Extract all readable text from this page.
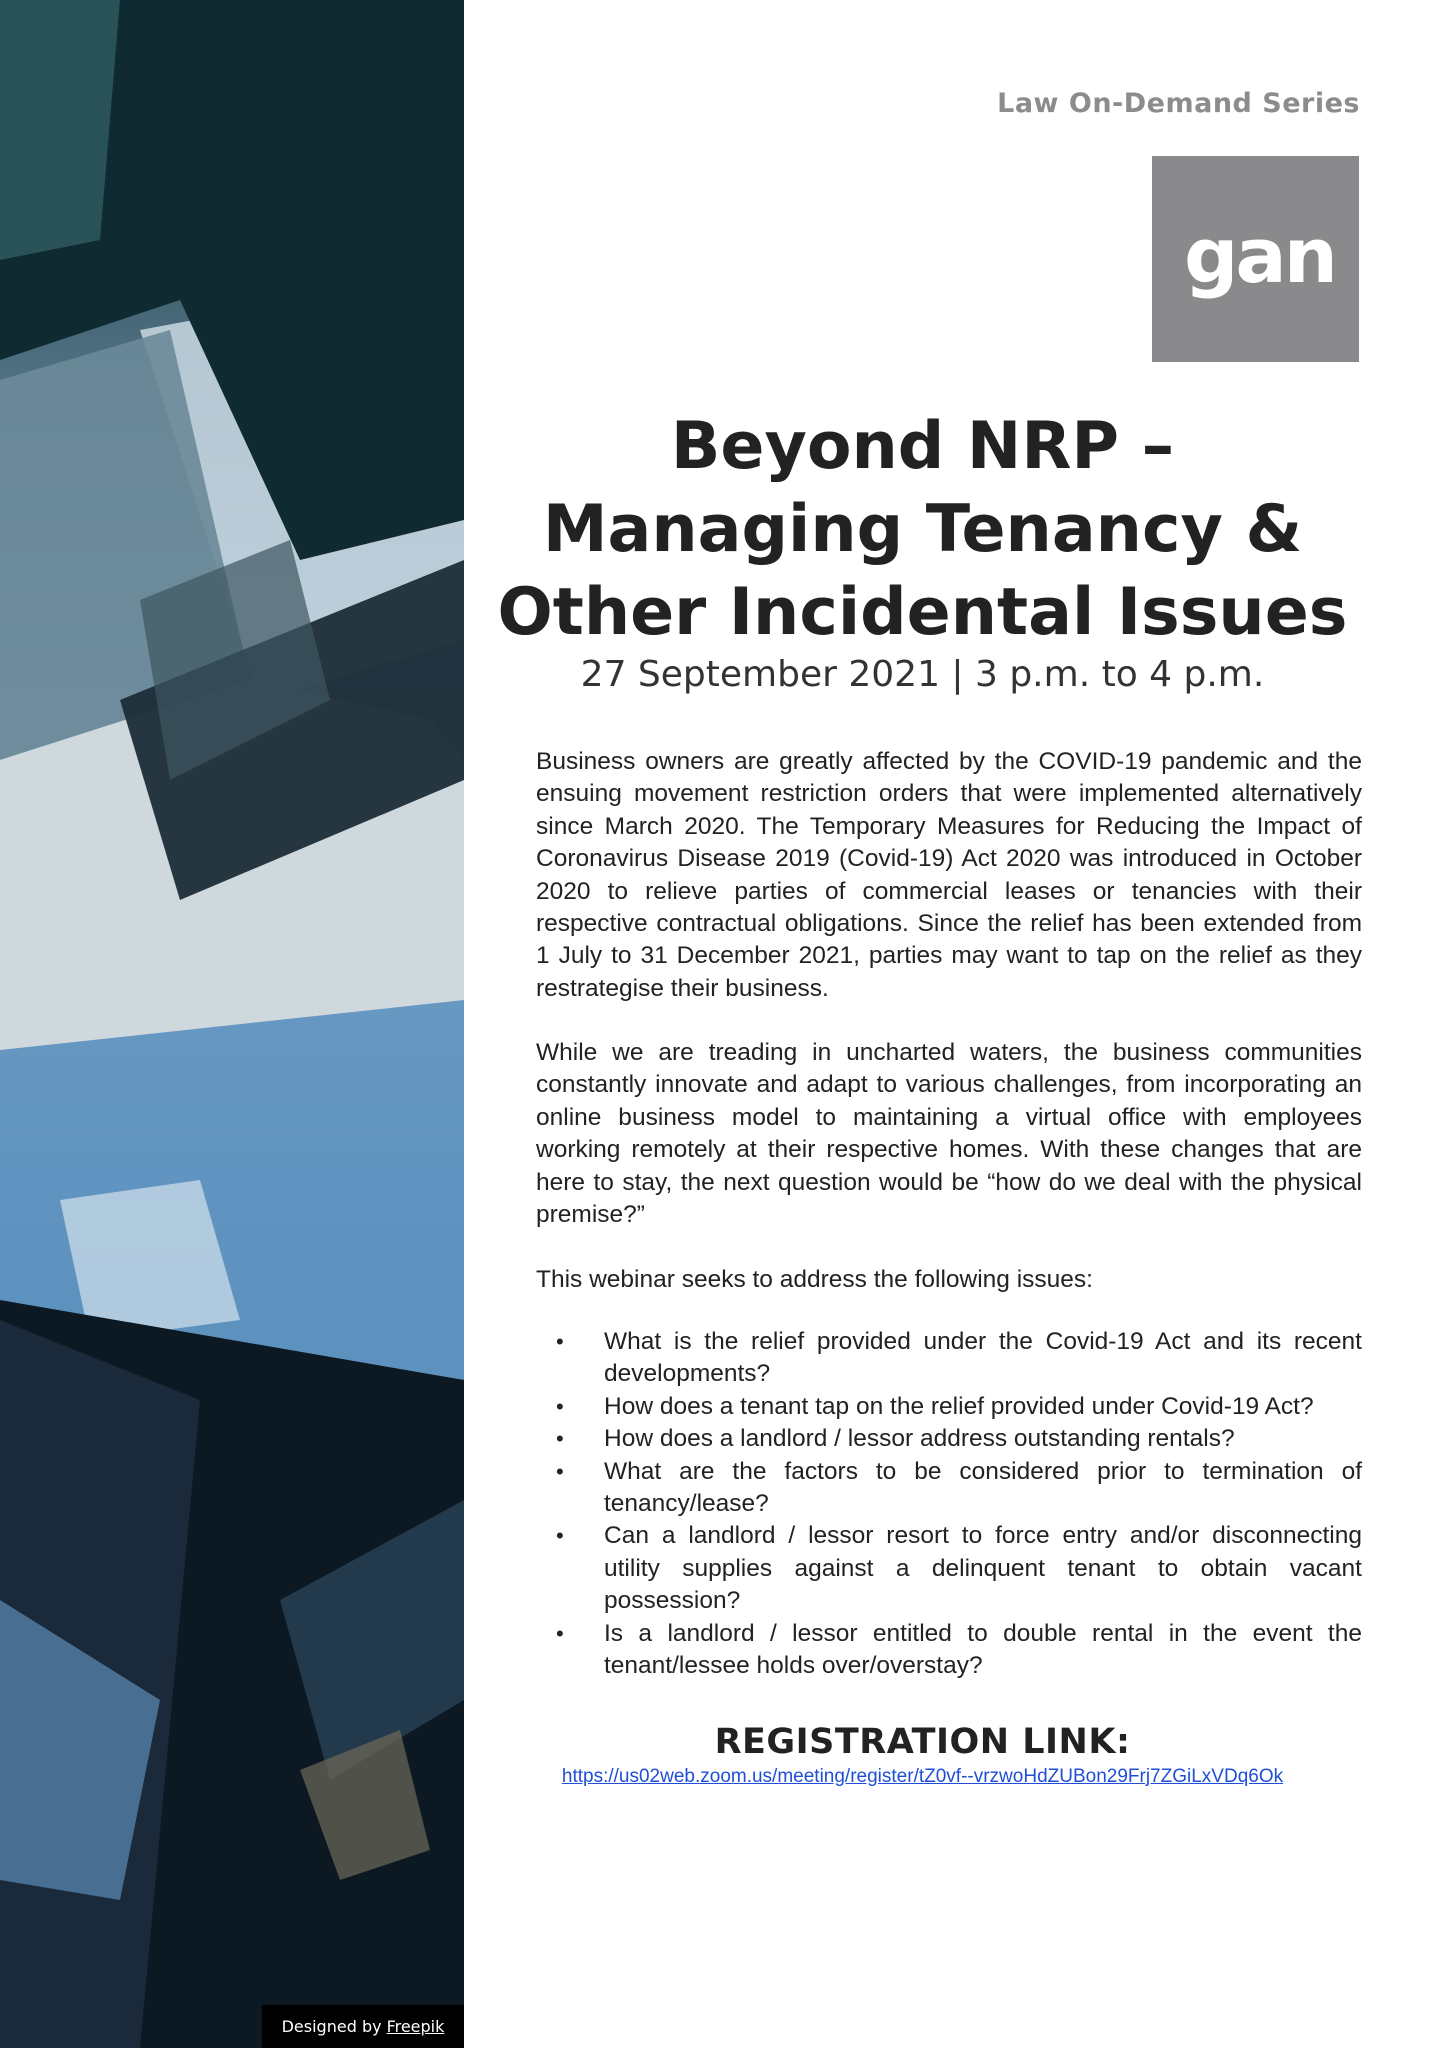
Designed by Freepik
Law On-Demand Series
gan
Beyond NRP –
Managing Tenancy &
Other Incidental Issues
27 September 2021 | 3 p.m. to 4 p.m.
Business owners are greatly affected by the COVID-19 pandemic and the ensuing movement restriction orders that were implemented alternatively since March 2020. The Temporary Measures for Reducing the Impact of Coronavirus Disease 2019 (Covid-19) Act 2020 was introduced in October 2020 to relieve parties of commercial leases or tenancies with their respective contractual obligations. Since the relief has been extended from 1 July to 31 December 2021, parties may want to tap on the relief as they restrategise their business.
While we are treading in uncharted waters, the business communities constantly innovate and adapt to various challenges, from incorporating an online business model to maintaining a virtual office with employees working remotely at their respective homes. With these changes that are here to stay, the next question would be “how do we deal with the physical premise?”
This webinar seeks to address the following issues:
• What is the relief provided under the Covid-19 Act and its recent developments?
• How does a tenant tap on the relief provided under Covid-19 Act?
• How does a landlord / lessor address outstanding rentals?
• What are the factors to be considered prior to termination of tenancy/lease?
• Can a landlord / lessor resort to force entry and/or disconnecting utility supplies against a delinquent tenant to obtain vacant possession?
• Is a landlord / lessor entitled to double rental in the event the tenant/lessee holds over/overstay?
REGISTRATION LINK:
https://us02web.zoom.us/meeting/register/tZ0vf--vrzwoHdZUBon29Frj7ZGiLxVDq6Ok
